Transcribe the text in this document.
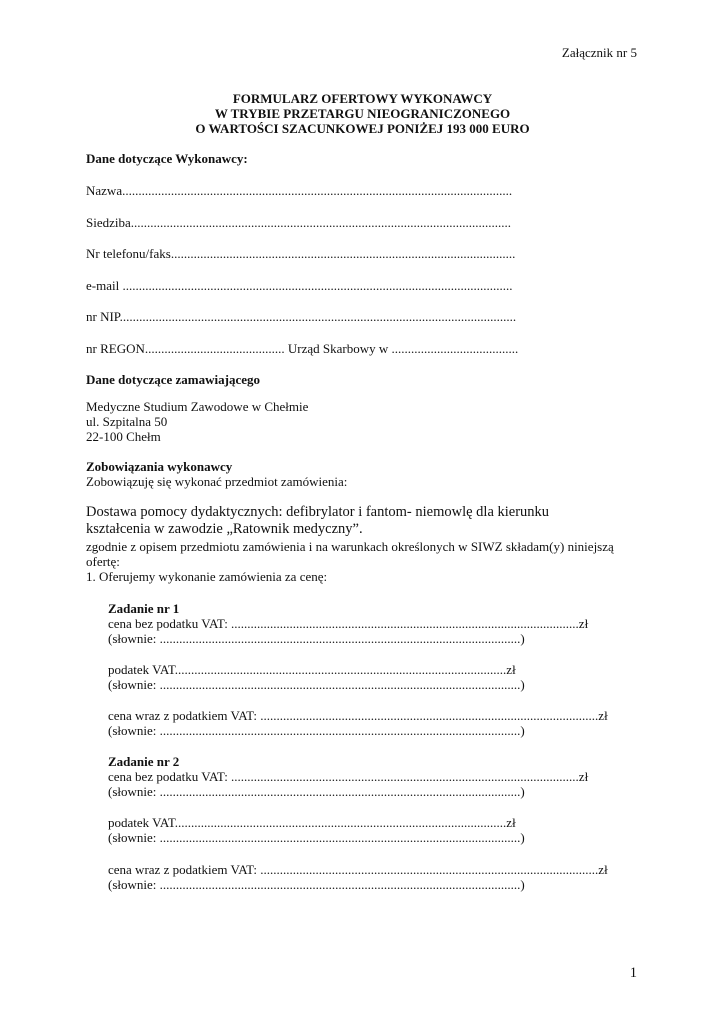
Załącznik nr 5
FORMULARZ OFERTOWY WYKONAWCY
W TRYBIE PRZETARGU NIEOGRANICZONEGO
O WARTOŚCI SZACUNKOWEJ PONIŻEJ 193 000 EURO
Dane dotyczące Wykonawcy:
Nazwa........................................................................................................................
Siedziba.....................................................................................................................
Nr telefonu/faks..........................................................................................................
e-mail ........................................................................................................................
nr NIP..........................................................................................................................
nr REGON........................................... Urząd Skarbowy w .......................................
Dane dotyczące zamawiającego
Medyczne Studium Zawodowe w Chełmie
ul. Szpitalna 50
22-100 Chełm
Zobowiązania wykonawcy
Zobowiązuję się wykonać przedmiot zamówienia:
Dostawa pomocy dydaktycznych: defibrylator i fantom- niemowlę dla kierunku
kształcenia w zawodzie „Ratownik medyczny”.
zgodnie z opisem przedmiotu zamówienia i na warunkach określonych w SIWZ składam(y) niniejszą
ofertę:
1. Oferujemy wykonanie zamówienia za cenę:
Zadanie nr 1
cena bez podatku VAT: ...........................................................................................................zł
(słownie: ...............................................................................................................)
podatek VAT......................................................................................................zł
(słownie: ...............................................................................................................)
cena wraz z podatkiem VAT: ........................................................................................................zł
(słownie: ...............................................................................................................)
Zadanie nr 2
cena bez podatku VAT: ...........................................................................................................zł
(słownie: ...............................................................................................................)
podatek VAT......................................................................................................zł
(słownie: ...............................................................................................................)
cena wraz z podatkiem VAT: ........................................................................................................zł
(słownie: ...............................................................................................................)
1
